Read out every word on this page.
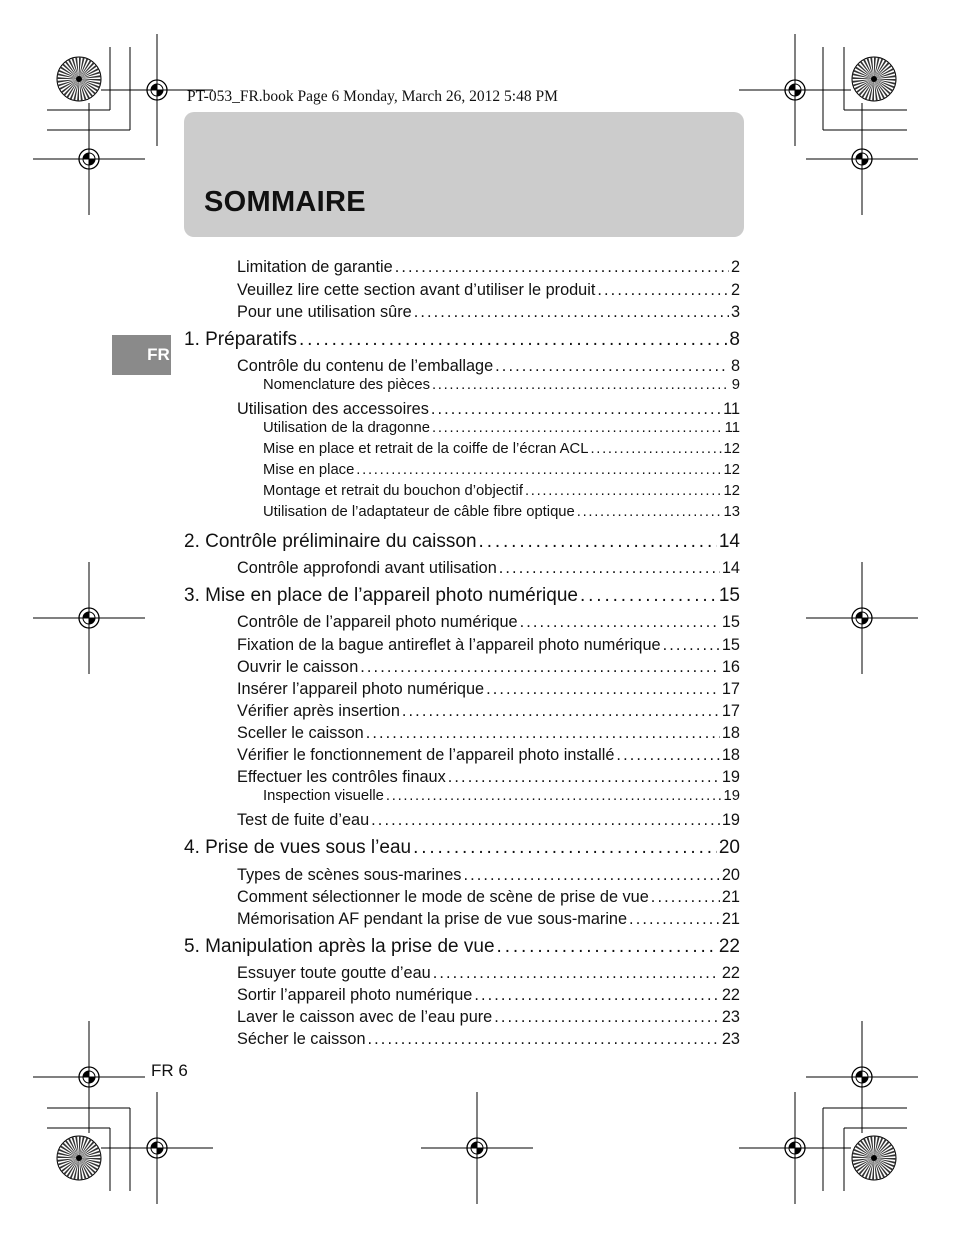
PT-053_FR.book Page 6 Monday, March 26, 2012 5:48 PM
SOMMAIRE
FR
Limitation de garantie . . .	2
Veuillez lire cette section avant d’utiliser le produit . . .	2
Pour une utilisation sûre . . .	3
1. Préparatifs . . .	8
Contrôle du contenu de l’emballage . . .	8
Nomenclature des pièces . . .	9
Utilisation des accessoires . . .	11
Utilisation de la dragonne . . .	11
Mise en place et retrait de la coiffe de l’écran ACL . . .	12
Mise en place . . .	12
Montage et retrait du bouchon d’objectif . . .	12
Utilisation de l’adaptateur de câble fibre optique . . .	13
2. Contrôle préliminaire du caisson . . .	14
Contrôle approfondi avant utilisation . . .	14
3. Mise en place de l’appareil photo numérique . . .	15
Contrôle de l’appareil photo numérique . . .	15
Fixation de la bague antireflet à l’appareil photo numérique . . .	15
Ouvrir le caisson . . .	16
Insérer l’appareil photo numérique . . .	17
Vérifier après insertion . . .	17
Sceller le caisson . . .	18
Vérifier le fonctionnement de l’appareil photo installé . . .	18
Effectuer les contrôles finaux . . .	19
Inspection visuelle . . .	19
Test de fuite d’eau . . .	19
4. Prise de vues sous l’eau . . .	20
Types de scènes sous-marines . . .	20
Comment sélectionner le mode de scène de prise de vue . . .	21
Mémorisation AF pendant la prise de vue sous-marine . . .	21
5. Manipulation après la prise de vue . . .	22
Essuyer toute goutte d’eau . . .	22
Sortir l’appareil photo numérique . . .	22
Laver le caisson avec de l’eau pure . . .	23
Sécher le caisson . . .	23
FR 6
